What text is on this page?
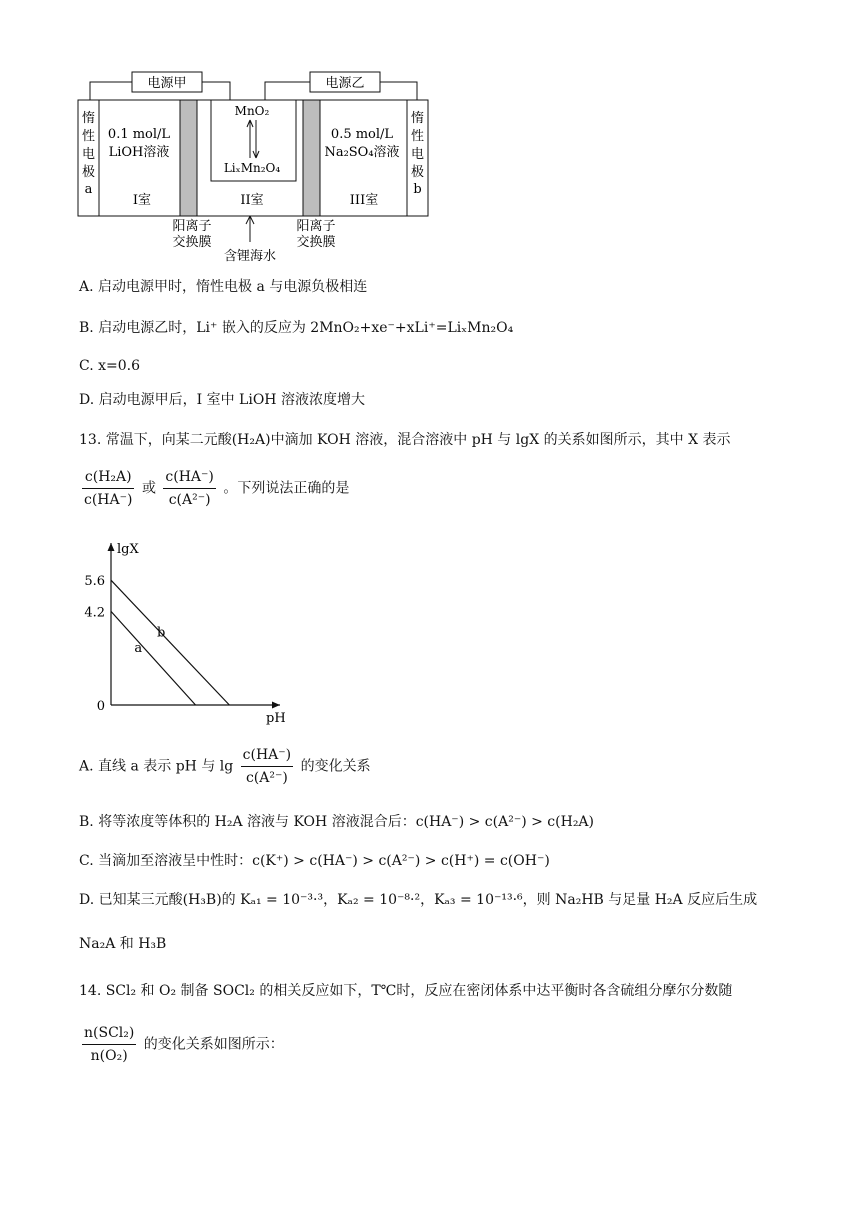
电源甲	电源乙
惰
性
电
极
a
惰
性
电
极
b
0.1 mol/L
LiOH溶液
I室
MnO₂
LiₓMn₂O₄
II室
0.5 mol/L
Na₂SO₄溶液
III室
阳离子
交换膜
阳离子
交换膜
含锂海水
A. 启动电源甲时，惰性电极 a 与电源负极相连
B. 启动电源乙时，Li⁺ 嵌入的反应为 2MnO₂+xe⁻+xLi⁺=LiₓMn₂O₄
C. x=0.6
D. 启动电源甲后，I 室中 LiOH 溶液浓度增大
13. 常温下，向某二元酸(H₂A)中滴加 KOH 溶液，混合溶液中 pH 与 lgX 的关系如图所示，其中 X 表示
$\frac{\text{c(H₂A)}}{c(HA^-)}$ 或 $\frac{c(HA^-)}{\text{c(A²⁻)}}$ 。下列说法正确的是
pH
lgX
5.6
4.2
0
a
b
A. 直线 a 表示 pH 与 $\lg \frac{c(HA^-)}{\text{c(A²⁻)}}$ 的变化关系
B. 将等浓度等体积的 H₂A 溶液与 KOH 溶液混合后：c(HA⁻) > c(A²⁻) > c(H₂A)
C. 当滴加至溶液呈中性时：c(K⁺) > c(HA⁻) > c(A²⁻) > c(H⁺) = c(OH⁻)
D. 已知某三元酸(H₃B)的 Kₐ₁ = 10⁻³·³，Kₐ₂ = 10⁻⁸·²，Kₐ₃ = 10⁻¹³·⁶，则 Na₂HB 与足量 H₂A 反应后生成
Na₂A 和 H₃B
14. SCl₂ 和 O₂ 制备 SOCl₂ 的相关反应如下，T℃时，反应在密闭体系中达平衡时各含硫组分摩尔分数随
$\frac{\text{n(SCl₂)}}{\text{n(O₂)}}$ 的变化关系如图所示：
